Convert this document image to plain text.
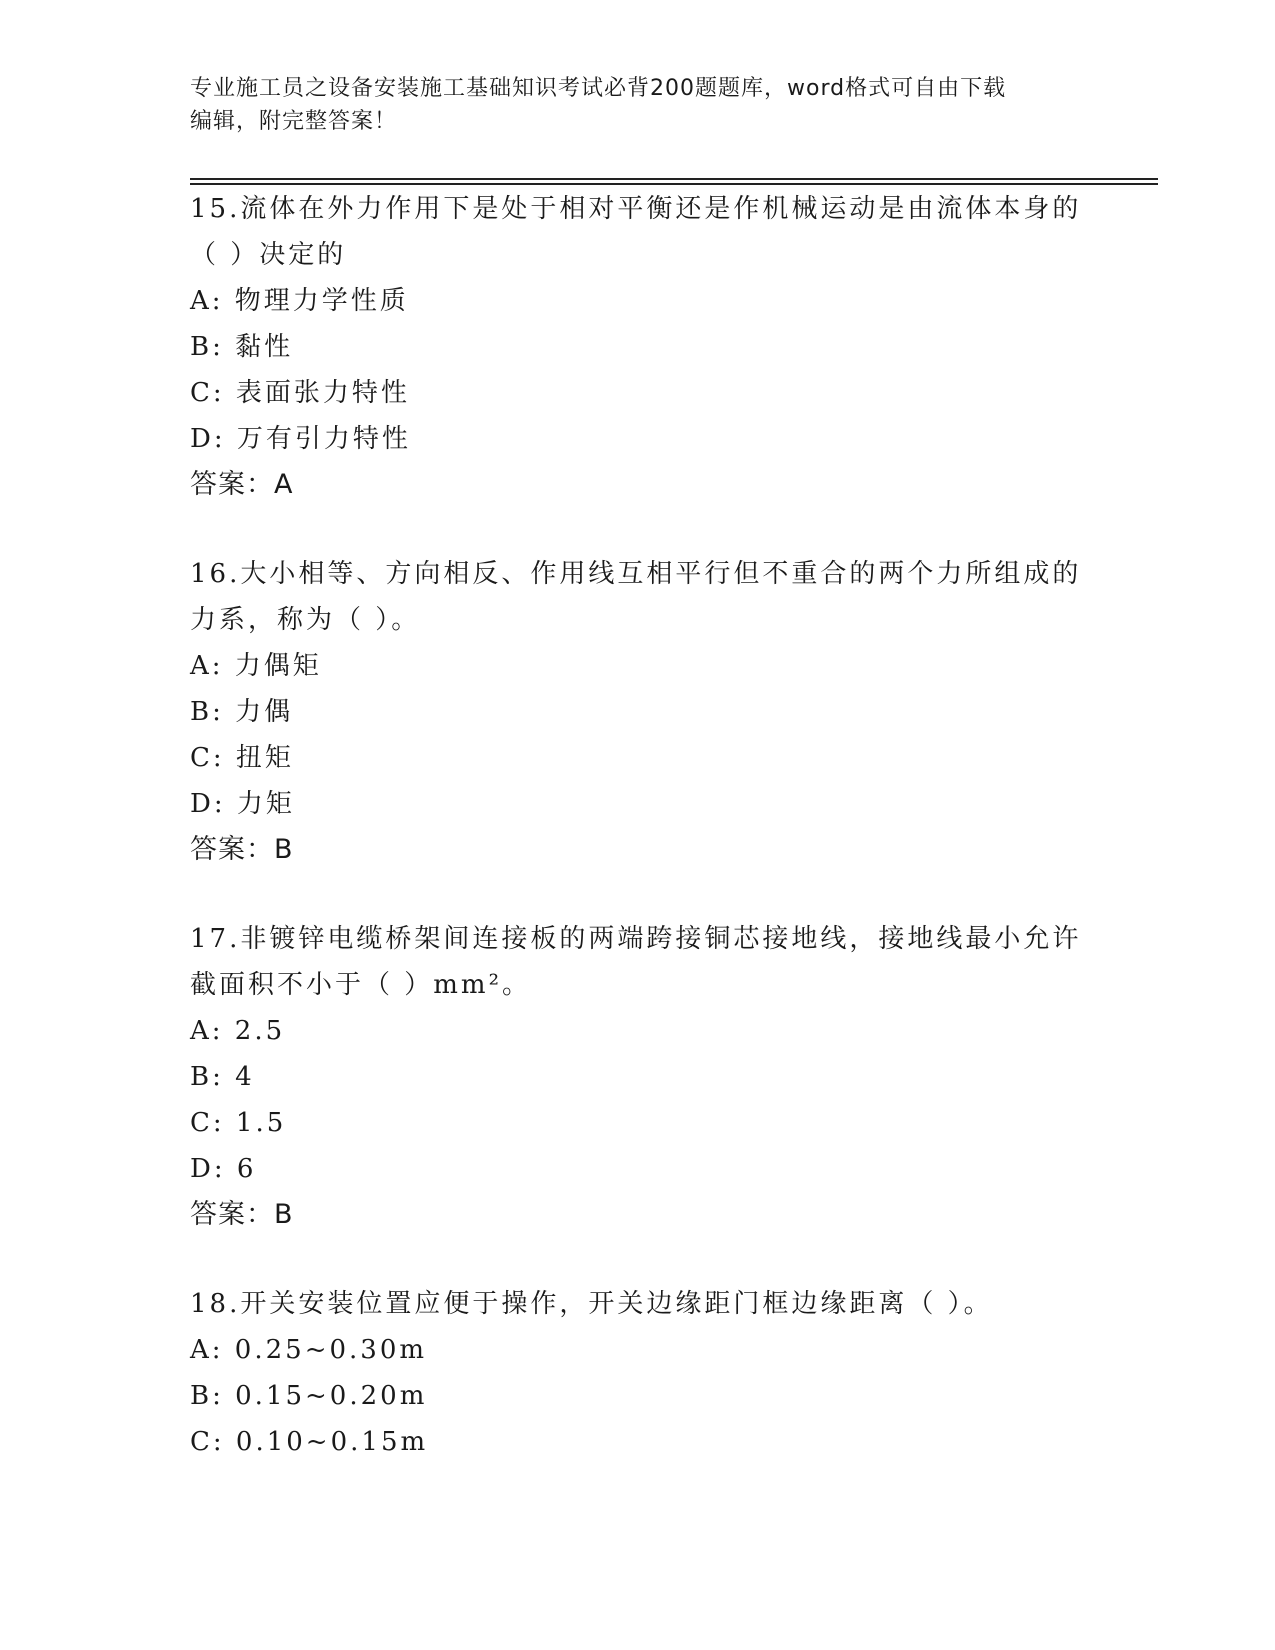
专业施工员之设备安装施工基础知识考试必背200题题库，word格式可自由下载
编辑，附完整答案！
15.流体在外力作用下是处于相对平衡还是作机械运动是由流体本身的
（ ）决定的
A: 物理力学性质
B: 黏性
C: 表面张力特性
D: 万有引力特性
答案：A
16.大小相等、方向相反、作用线互相平行但不重合的两个力所组成的
力系，称为（ ）。
A: 力偶矩
B: 力偶
C: 扭矩
D: 力矩
答案：B
17.非镀锌电缆桥架间连接板的两端跨接铜芯接地线，接地线最小允许
截面积不小于（ ）mm²。
A: 2.5
B: 4
C: 1.5
D: 6
答案：B
18.开关安装位置应便于操作，开关边缘距门框边缘距离（ ）。
A: 0.25~0.30m
B: 0.15~0.20m
C: 0.10~0.15m
